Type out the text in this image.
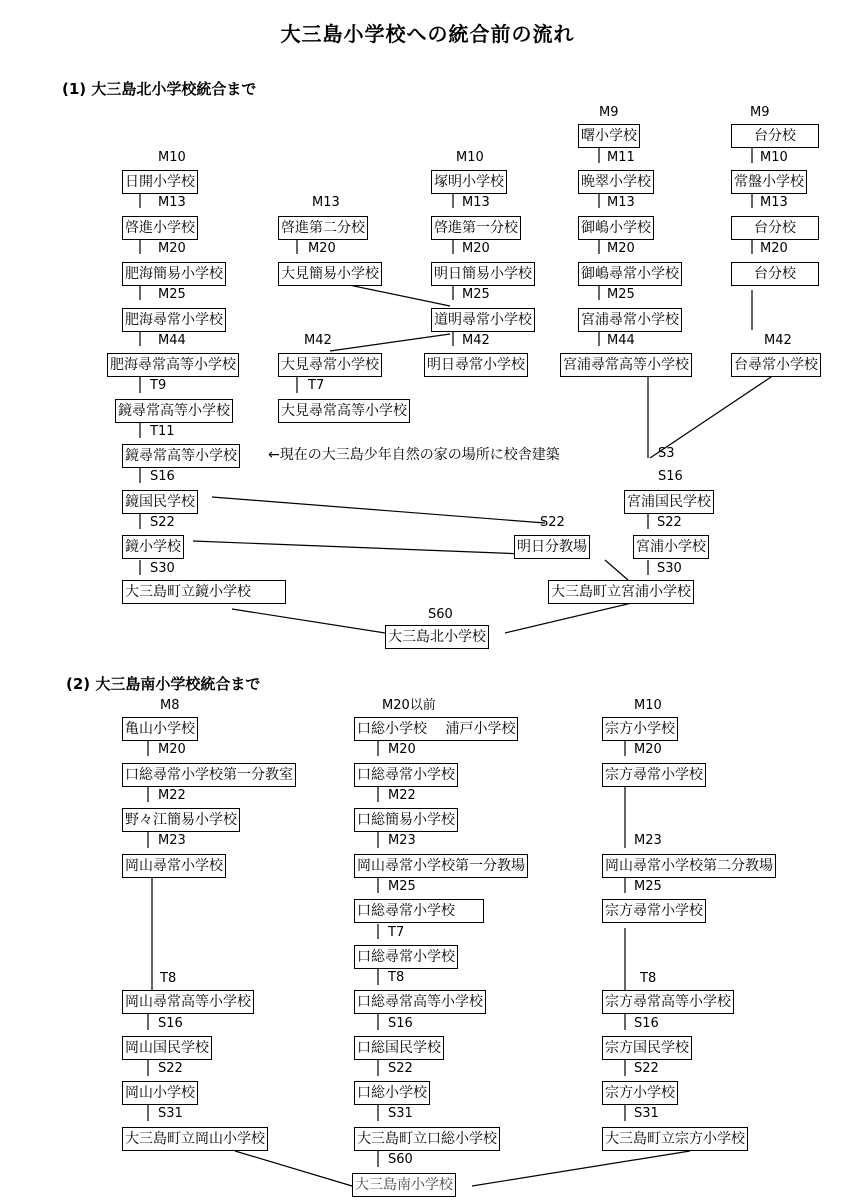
大三島小学校への統合前の流れ
(1) 大三島北小学校統合まで
(2) 大三島南小学校統合まで
M10
日開小学校
M13
啓進小学校
M20
肥海簡易小学校
M25
肥海尋常小学校
M44
肥海尋常高等小学校
T9
鏡尋常高等小学校
T11
鏡尋常高等小学校 ←現在の大三島少年自然の家の場所に校舎建築
S16
鏡国民学校
S22
鏡小学校
S30
大三島町立鏡小学校
M13
啓進第二分校
M20
大見簡易小学校
M42
大見尋常小学校
T7
大見尋常高等小学校
M10
塚明小学校
M13
啓進第一分校
M20
明日簡易小学校
M25
道明尋常小学校
M42
明日尋常小学校
S22
明日分教場
M9
曙小学校
M11
晩翠小学校
M13
御嶋小学校
M20
御嶋尋常小学校
M25
宮浦尋常小学校
M44
宮浦尋常高等小学校
S3
S16
宮浦国民学校
S22
宮浦小学校
S30
大三島町立宮浦小学校
M9
台分校
M10
常盤小学校
M13
台分校
M20
台分校
M42
台尋常小学校
S60
大三島北小学校
M8
亀山小学校
M20
口総尋常小学校第一分教室
M22
野々江簡易小学校
M23
岡山尋常小学校
T8
岡山尋常高等小学校
S16
岡山国民学校
S22
岡山小学校
S31
大三島町立岡山小学校
M20以前
口総小学校　 浦戸小学校
M20
口総尋常小学校
M22
口総簡易小学校
M23
岡山尋常小学校第一分教場
M25
口総尋常小学校
T7
口総尋常小学校
T8
口総尋常高等小学校
S16
口総国民学校
S22
口総小学校
S31
大三島町立口総小学校
S60
大三島南小学校
M10
宗方小学校
M20
宗方尋常小学校
M23
岡山尋常小学校第二分教場
M25
宗方尋常小学校
T8
宗方尋常高等小学校
S16
宗方国民学校
S22
宗方小学校
S31
大三島町立宗方小学校
